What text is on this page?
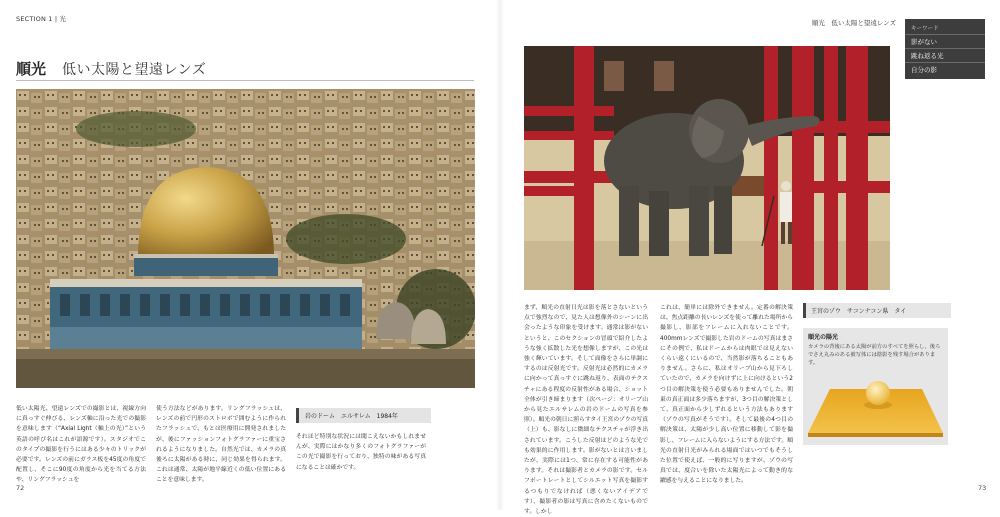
SECTION 1 | 光
順光 低い太陽と望遠レンズ
低い太陽光、望遠レンズでの撮影とは、視線方向に真っすぐ伸びる、レンズ軸に沿った光での撮影を意味します（“Axial Light（軸上の光）”という英語の呼び名はこれが語源です）。スタジオでこのタイプの撮影を行うにはある少々のトリックが必要です。レンズの前にガラス板を45度の角度で配置し、そこに90度の角度から光を当てる方法や、リングフラッシュを
使う方法などがあります。リングフラッシュは、レンズの前で円形のストロボで囲むように作られたフラッシュで、もとは医療用に開発されましたが、後にファッションフォトグラファーに重宝されるようになりました。自然光では、カメラの真後ろに太陽がある時に、同じ効果を得られます。これは通常、太陽が地平線近くの低い位置にあることを意味します。
岩のドーム　エルサレム　1984年
それほど特別な状況には聞こえないかもしれませんが、実際にはかなり多くのフォトグラファーがこの光で撮影を行っており、独特の味がある写真になることは確かです。
72
順光　低い太陽と望遠レンズ
キーワード
影がない
跳ね返る光
自分の影
まず、順光の直射日光は影を落とさないという点で強烈なので、見た人は想像外のシーンに出会ったような印象を受けます。通常は影がないというと、このセクションの冒頭で紹介したような強く拡散した光を想像しますが、この光は強く輝いています。そして面像をさらに単調にするのは反射光です。反射光は必然的にカメラに向かって真っすぐに跳ね返り、表面のテクスチャにある程度の反射性がある場合、ショット全体が引き締まります（次ページ：オリーブ山から見たエルサレムの岩のドームの写真を参照）。順光の朝日に照らすタイ王宮のゾウの写真（上）も、影なしに微細なテクスチャが浮き出されています。こうした反射はどのような光でも効果的に作用します。影がないとは言いましたが、実際には1つ、常に存在する可能性があります。それは撮影者とカメラの影です。セルフポートレートとしてシルエット写真を撮影するつもりでなければ（悪くないアイデアです）、撮影者の影は写真に含めたくないものです。しかし
これは、簡単には除外できません。定番の解決策は、焦点距離の長いレンズを使って離れた場所から撮影し、影部をフレームに入れないことです。400mmレンズで撮影した岩のドームの写真はまさにその例で、私はドームからは肉眼では見えないくらい遠くにいるので、当然影が落ちることもありません。さらに、私はオリーブ山から見下ろしていたので、カメラを向けずに上に向けるという2つ目の解決策を使う必要もありませんでした。朝東の真正面は多少落ちますが、3つ目の解決策として、真正面から少しずれるという方法もあります（ゾウの写真がそうです）。そして最後の4つ目の解決策は、太陽が少し高い位置に移動して影を撮影し、フレームに入らないようにする方法です。順光の直射日光がみられる場面ではいつでもそうした位置で使えば、一般的に写りますが、ゾウの写真では、度合いを除いた太陽光によって動き的な躍感を与えることになりました。
王宮のゾウ　サコンナコン県　タイ
順光の陽光
カメラの背後にある太陽が前方のすべてを照らし、後ろでさえ丸みのある被写体には陰影を残す場合があります。
73
